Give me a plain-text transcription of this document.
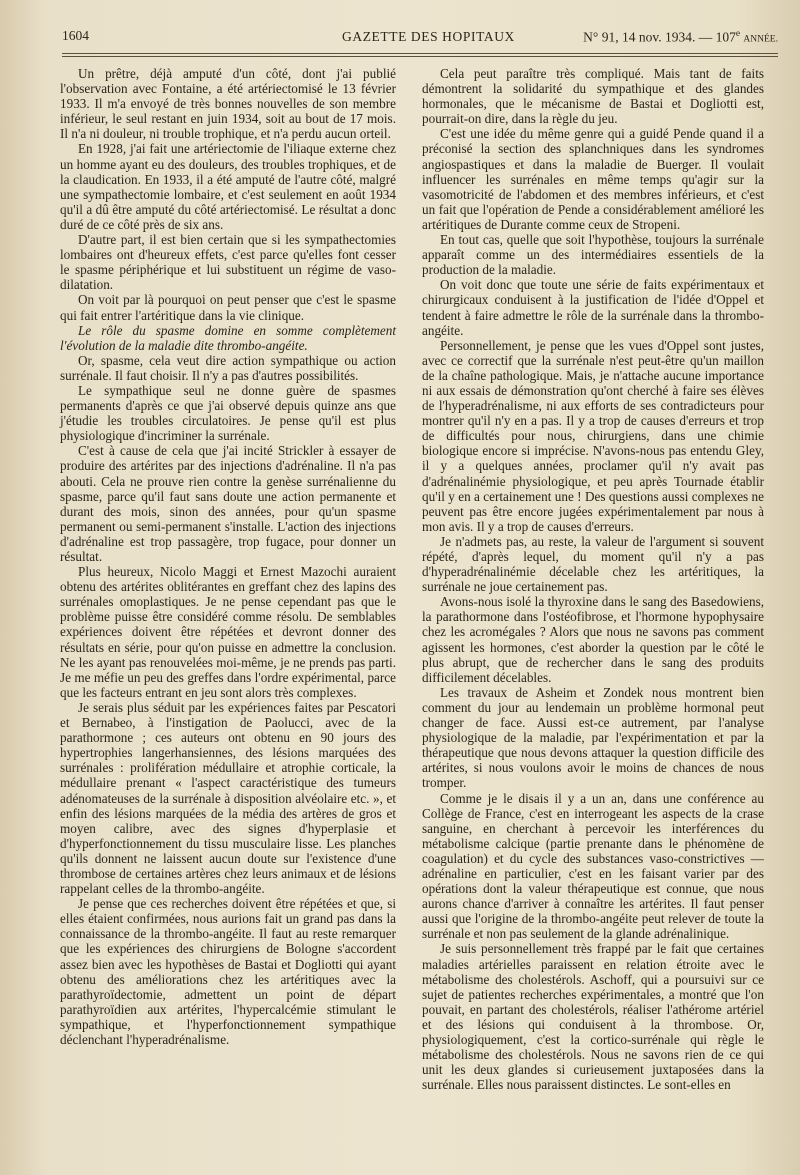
1604	GAZETTE DES HOPITAUX	N° 91, 14 nov. 1934. — 107e ANNÉE.

Un prêtre, déjà amputé d'un côté, dont j'ai publié l'observation avec Fontaine, a été artériectomisé le 13 février 1933. Il m'a envoyé de très bonnes nouvelles de son membre inférieur, le seul restant en juin 1934, soit au bout de 17 mois. Il n'a ni douleur, ni trouble trophique, et n'a perdu aucun orteil.

En 1928, j'ai fait une artériectomie de l'iliaque externe chez un homme ayant eu des douleurs, des troubles trophiques, et de la claudication. En 1933, il a été amputé de l'autre côté, malgré une sympathectomie lombaire, et c'est seulement en août 1934 qu'il a dû être amputé du côté artériectomisé. Le résultat a donc duré de ce côté près de six ans.

D'autre part, il est bien certain que si les sympathectomies lombaires ont d'heureux effets, c'est parce qu'elles font cesser le spasme périphérique et lui substituent un régime de vaso-dilatation.

On voit par là pourquoi on peut penser que c'est le spasme qui fait entrer l'artéritique dans la vie clinique.

Le rôle du spasme domine en somme complètement l'évolution de la maladie dite thrombo-angéite.

Or, spasme, cela veut dire action sympathique ou action surrénale. Il faut choisir. Il n'y a pas d'autres possibilités.

Le sympathique seul ne donne guère de spasmes permanents d'après ce que j'ai observé depuis quinze ans que j'étudie les troubles circulatoires. Je pense qu'il est plus physiologique d'incriminer la surrénale.

C'est à cause de cela que j'ai incité Strickler à essayer de produire des artérites par des injections d'adrénaline. Il n'a pas abouti. Cela ne prouve rien contre la genèse surrénalienne du spasme, parce qu'il faut sans doute une action permanente et durant des mois, sinon des années, pour qu'un spasme permanent ou semi-permanent s'installe. L'action des injections d'adrénaline est trop passagère, trop fugace, pour donner un résultat.

Plus heureux, Nicolo Maggi et Ernest Mazochi auraient obtenu des artérites oblitérantes en greffant chez des lapins des surrénales omoplastiques. Je ne pense cependant pas que le problème puisse être considéré comme résolu. De semblables expériences doivent être répétées et devront donner des résultats en série, pour qu'on puisse en admettre la conclusion. Ne les ayant pas renouvelées moi-même, je ne prends pas parti. Je me méfie un peu des greffes dans l'ordre expérimental, parce que les facteurs entrant en jeu sont alors très complexes.

Je serais plus séduit par les expériences faites par Pescatori et Bernabeo, à l'instigation de Paolucci, avec de la parathormone ; ces auteurs ont obtenu en 90 jours des hypertrophies langerhansiennes, des lésions marquées des surrénales : prolifération médullaire et atrophie corticale, la médullaire prenant « l'aspect caractéristique des tumeurs adénomateuses de la surrénale à disposition alvéolaire etc. », et enfin des lésions marquées de la média des artères de gros et moyen calibre, avec des signes d'hyperplasie et d'hyperfonctionnement du tissu musculaire lisse. Les planches qu'ils donnent ne laissent aucun doute sur l'existence d'une thrombose de certaines artères chez leurs animaux et de lésions rappelant celles de la thrombo-angéite.

Je pense que ces recherches doivent être répétées et que, si elles étaient confirmées, nous aurions fait un grand pas dans la connaissance de la thrombo-angéite. Il faut au reste remarquer que les expériences des chirurgiens de Bologne s'accordent assez bien avec les hypothèses de Bastai et Dogliotti qui ayant obtenu des améliorations chez les artéritiques avec la parathyroïdectomie, admettent un point de départ parathyroïdien aux artérites, l'hypercalcémie stimulant le sympathique, et l'hyperfonctionnement sympathique déclenchant l'hyperadrénalisme.

Cela peut paraître très compliqué. Mais tant de faits démontrent la solidarité du sympathique et des glandes hormonales, que le mécanisme de Bastai et Dogliotti est, pourrait-on dire, dans la règle du jeu.

C'est une idée du même genre qui a guidé Pende quand il a préconisé la section des splanchniques dans les syndromes angiospastiques et dans la maladie de Buerger. Il voulait influencer les surrénales en même temps qu'agir sur la vasomotricité de l'abdomen et des membres inférieurs, et c'est un fait que l'opération de Pende a considérablement amélioré les artéritiques de Durante comme ceux de Stropeni.

En tout cas, quelle que soit l'hypothèse, toujours la surrénale apparaît comme un des intermédiaires essentiels de la production de la maladie.

On voit donc que toute une série de faits expérimentaux et chirurgicaux conduisent à la justification de l'idée d'Oppel et tendent à faire admettre le rôle de la surrénale dans la thrombo-angéite.

Personnellement, je pense que les vues d'Oppel sont justes, avec ce correctif que la surrénale n'est peut-être qu'un maillon de la chaîne pathologique. Mais, je n'attache aucune importance ni aux essais de démonstration qu'ont cherché à faire ses élèves de l'hyperadrénalisme, ni aux efforts de ses contradicteurs pour montrer qu'il n'y en a pas. Il y a trop de causes d'erreurs et trop de difficultés pour nous, chirurgiens, dans une chimie biologique encore si imprécise. N'avons-nous pas entendu Gley, il y a quelques années, proclamer qu'il n'y avait pas d'adrénalinémie physiologique, et peu après Tournade établir qu'il y en a certainement une ! Des questions aussi complexes ne peuvent pas être encore jugées expérimentalement par nous à mon avis. Il y a trop de causes d'erreurs.

Je n'admets pas, au reste, la valeur de l'argument si souvent répété, d'après lequel, du moment qu'il n'y a pas d'hyperadrénalinémie décelable chez les artéritiques, la surrénale ne joue certainement pas.

Avons-nous isolé la thyroxine dans le sang des Basedowiens, la parathormone dans l'ostéofibrose, et l'hormone hypophysaire chez les acromégales ? Alors que nous ne savons pas comment agissent les hormones, c'est aborder la question par le côté le plus abrupt, que de rechercher dans le sang des produits difficilement décelables.

Les travaux de Asheim et Zondek nous montrent bien comment du jour au lendemain un problème hormonal peut changer de face. Aussi est-ce autrement, par l'analyse physiologique de la maladie, par l'expérimentation et par la thérapeutique que nous devons attaquer la question difficile des artérites, si nous voulons avoir le moins de chances de nous tromper.

Comme je le disais il y a un an, dans une conférence au Collège de France, c'est en interrogeant les aspects de la crase sanguine, en cherchant à percevoir les interférences du métabolisme calcique (partie prenante dans le phénomène de coagulation) et du cycle des substances vaso-constrictives — adrénaline en particulier, c'est en les faisant varier par des opérations dont la valeur thérapeutique est connue, que nous aurons chance d'arriver à connaître les artérites. Il faut penser aussi que l'origine de la thrombo-angéite peut relever de toute la surrénale et non pas seulement de la glande adrénalinique.

Je suis personnellement très frappé par le fait que certaines maladies artérielles paraissent en relation étroite avec le métabolisme des cholestérols. Aschoff, qui a poursuivi sur ce sujet de patientes recherches expérimentales, a montré que l'on pouvait, en partant des cholestérols, réaliser l'athérome artériel et des lésions qui conduisent à la thrombose. Or, physiologiquement, c'est la cortico-surrénale qui règle le métabolisme des cholestérols. Nous ne savons rien de ce qui unit les deux glandes si curieusement juxtaposées dans la surrénale. Elles nous paraissent distinctes. Le sont-elles en
